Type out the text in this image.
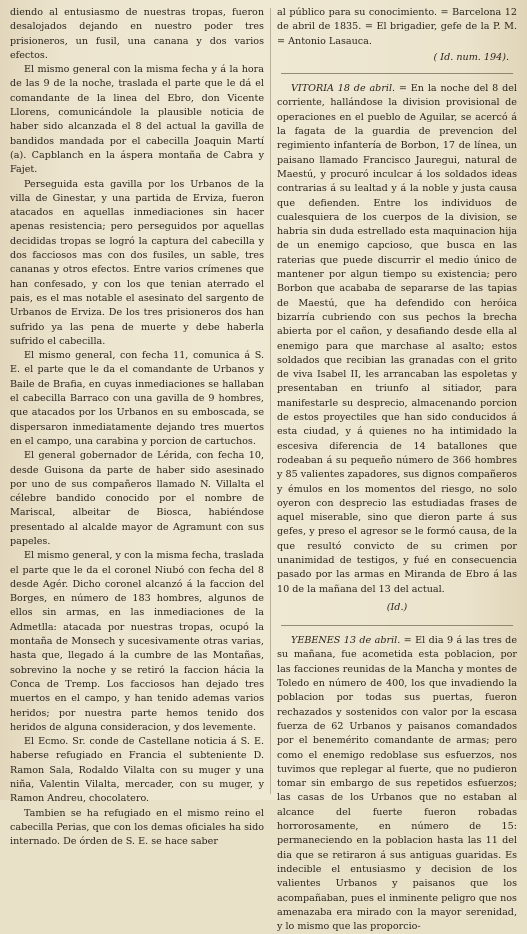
diendo al entusiasmo de nuestras tropas, fueron desalojados dejando en nuestro poder tres prisioneros, un fusil, una canana y dos varios efectos.

El mismo general con la misma fecha y á la hora de las 9 de la noche, traslada el parte que le dá el comandante de la linea del Ebro, don Vicente Llorens, comunicándole la plausible noticia de haber sido alcanzada el 8 del actual la gavilla de bandidos mandada por el cabecilla Joaquin Martí (a). Capblanch en la áspera montaña de Cabra y Fajet.

Perseguida esta gavilla por los Urbanos de la villa de Ginestar, y una partida de Erviza, fueron atacados en aquellas inmediaciones sin hacer apenas resistencia; pero perseguidos por aquellas decididas tropas se logró la captura del cabecilla y dos facciosos mas con dos fusiles, un sable, tres cananas y otros efectos. Entre varios crímenes que han confesado, y con los que tenian aterrado el pais, es el mas notable el asesinato del sargento de Urbanos de Erviza. De los tres prisioneros dos han sufrido ya las pena de muerte y debe haberla sufrido el cabecilla.

El mismo general, con fecha 11, comunica á S. E. el parte que le da el comandante de Urbanos y Baile de Brafia, en cuyas inmediaciones se hallaban el cabecilla Barraco con una gavilla de 9 hombres, que atacados por los Urbanos en su emboscada, se dispersaron inmediatamente dejando tres muertos en el campo, una carabina y porcion de cartuchos.

El general gobernador de Lérida, con fecha 10, desde Guisona da parte de haber sido asesinado por uno de sus compañeros llamado N. Villalta el célebre bandido conocido por el nombre de Mariscal, albeitar de Biosca, habiéndose presentado al alcalde mayor de Agramunt con sus papeles.

El mismo general, y con la misma fecha, traslada el parte que le da el coronel Niubó con fecha del 8 desde Agér. Dicho coronel alcanzó á la faccion del Borges, en número de 183 hombres, algunos de ellos sin armas, en las inmediaciones de la Admetlla: atacada por nuestras tropas, ocupó la montaña de Monsech y sucesivamente otras varias, hasta que, llegado á la cumbre de las Montañas, sobrevino la noche y se retiró la faccion hácia la Conca de Tremp. Los facciosos han dejado tres muertos en el campo, y han tenido ademas varios heridos; por nuestra parte hemos tenido dos heridos de alguna consideracion, y dos levemente.

El Ecmo. Sr. conde de Castellane noticia á S. E. haberse refugiado en Francia el subteniente D. Ramon Sala, Rodaldo Vilalta con su muger y una niña, Valentin Vilalta, mercader, con su muger, y Ramon Andreu, chocolatero.

Tambien se ha refugiado en el mismo reino el cabecilla Perias, que con los demas oficiales ha sido internado. De órden de S. E. se hace saber

al público para su conocimiento. = Barcelona 12 de abril de 1835. = El brigadier, gefe de la P. M. = Antonio Lasauca.

( Id. num. 194).

VITORIA 18 de abril. = En la noche del 8 del corriente, hallándose la division provisional de operaciones en el pueblo de Aguilar, se acercó á la fagata de la guardia de prevencion del regimiento infantería de Borbon, 17 de línea, un paisano llamado Francisco Jauregui, natural de Maestú, y procuró inculcar á los soldados ideas contrarias á su lealtad y á la noble y justa causa que defienden. Entre los individuos de cualesquiera de los cuerpos de la division, se habria sin duda estrellado esta maquinacion hija de un enemigo capcioso, que busca en las raterias que puede discurrir el medio único de mantener por algun tiempo su existencia; pero Borbon que acababa de separarse de las tapias de Maestú, que ha defendido con heróica bizarría cubriendo con sus pechos la brecha abierta por el cañon, y desafiando desde ella al enemigo para que marchase al asalto; estos soldados que recibian las granadas con el grito de viva Isabel II, les arrancaban las espoletas y presentaban en triunfo al sitiador, para manifestarle su desprecio, almacenando porcion de estos proyectiles que han sido conducidos á esta ciudad, y á quienes no ha intimidado la escesiva diferencia de 14 batallones que rodeaban á su pequeño número de 366 hombres y 85 valientes zapadores, sus dignos compañeros y émulos en los momentos del riesgo, no solo oyeron con desprecio las estudiadas frases de aquel miserable, sino que dieron parte á sus gefes, y preso el agresor se le formó causa, de la que resultó convicto de su crimen por unanimidad de testigos, y fué en consecuencia pasado por las armas en Miranda de Ebro á las 10 de la mañana del 13 del actual.

(Id.)

YEBENES 13 de abril. = El dia 9 á las tres de su mañana, fue acometida esta poblacion, por las facciones reunidas de la Mancha y montes de Toledo en número de 400, los que invadiendo la poblacion por todas sus puertas, fueron rechazados y sostenidos con valor por la escasa fuerza de 62 Urbanos y paisanos comandados por el benemérito comandante de armas; pero como el enemigo redoblase sus esfuerzos, nos tuvimos que replegar al fuerte, que no pudieron tomar sin embargo de sus repetidos esfuerzos; las casas de los Urbanos que no estaban al alcance del fuerte fueron robadas horrorosamente, en número de 15: permaneciendo en la poblacion hasta las 11 del dia que se retiraron á sus antiguas guaridas. Es indecible el entusiasmo y decision de los valientes Urbanos y paisanos que los acompañaban, pues el inminente peligro que nos amenazaba era mirado con la mayor serenidad, y lo mismo que las proporcio-
